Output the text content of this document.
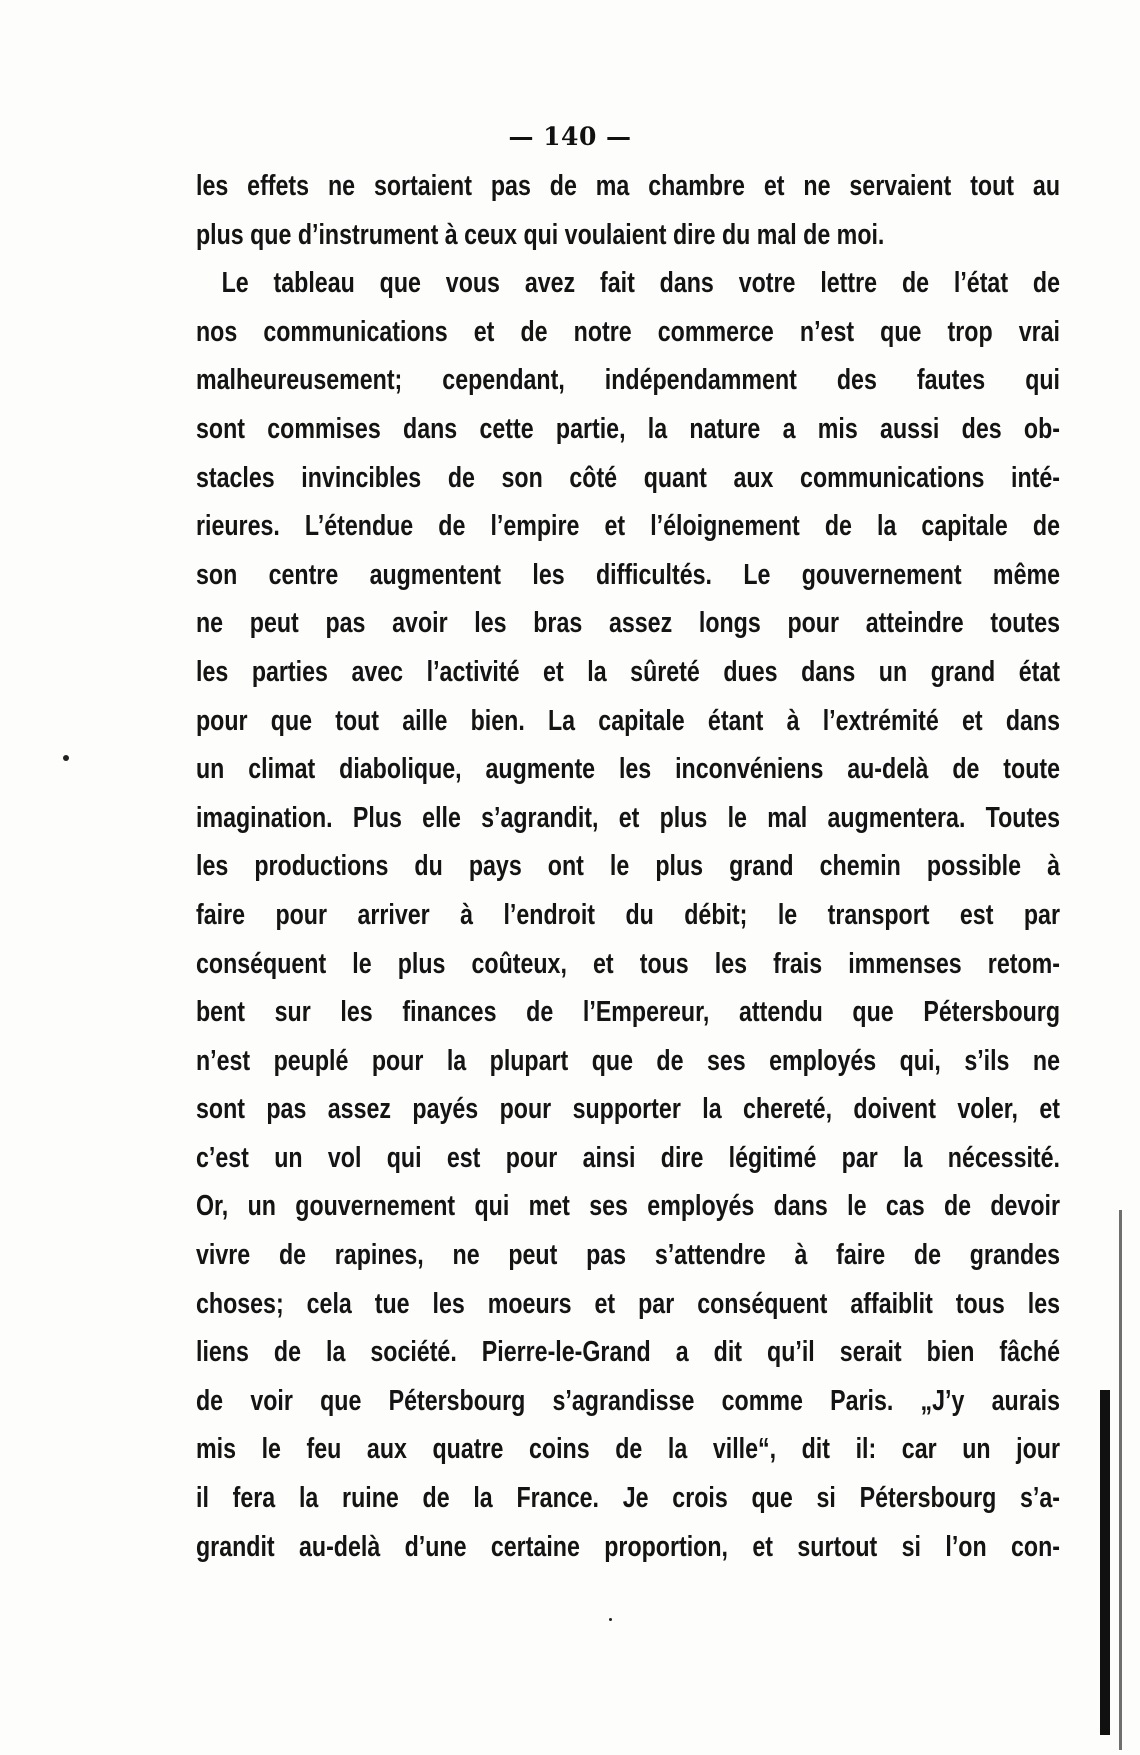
— 140 —
les effets ne sortaient pas de ma chambre et ne servaient tout au
plus que d’instrument à ceux qui voulaient dire du mal de moi.
Le tableau que vous avez fait dans votre lettre de l’état de
nos communications et de notre commerce n’est que trop vrai
malheureusement; cependant, indépendamment des fautes qui
sont commises dans cette partie, la nature a mis aussi des ob-
stacles invincibles de son côté quant aux communications inté-
rieures. L’étendue de l’empire et l’éloignement de la capitale de
son centre augmentent les difficultés. Le gouvernement même
ne peut pas avoir les bras assez longs pour atteindre toutes
les parties avec l’activité et la sûreté dues dans un grand état
pour que tout aille bien. La capitale étant à l’extrémité et dans
un climat diabolique, augmente les inconvéniens au-delà de toute
imagination. Plus elle s’agrandit, et plus le mal augmentera. Toutes
les productions du pays ont le plus grand chemin possible à
faire pour arriver à l’endroit du débit; le transport est par
conséquent le plus coûteux, et tous les frais immenses retom-
bent sur les finances de l’Empereur, attendu que Pétersbourg
n’est peuplé pour la plupart que de ses employés qui, s’ils ne
sont pas assez payés pour supporter la chereté, doivent voler, et
c’est un vol qui est pour ainsi dire légitimé par la nécessité.
Or, un gouvernement qui met ses employés dans le cas de devoir
vivre de rapines, ne peut pas s’attendre à faire de grandes
choses; cela tue les moeurs et par conséquent affaiblit tous les
liens de la société. Pierre-le-Grand a dit qu’il serait bien fâché
de voir que Pétersbourg s’agrandisse comme Paris. „J’y aurais
mis le feu aux quatre coins de la ville“, dit il: car un jour
il fera la ruine de la France. Je crois que si Pétersbourg s’a-
grandit au-delà d’une certaine proportion, et surtout si l’on con-
